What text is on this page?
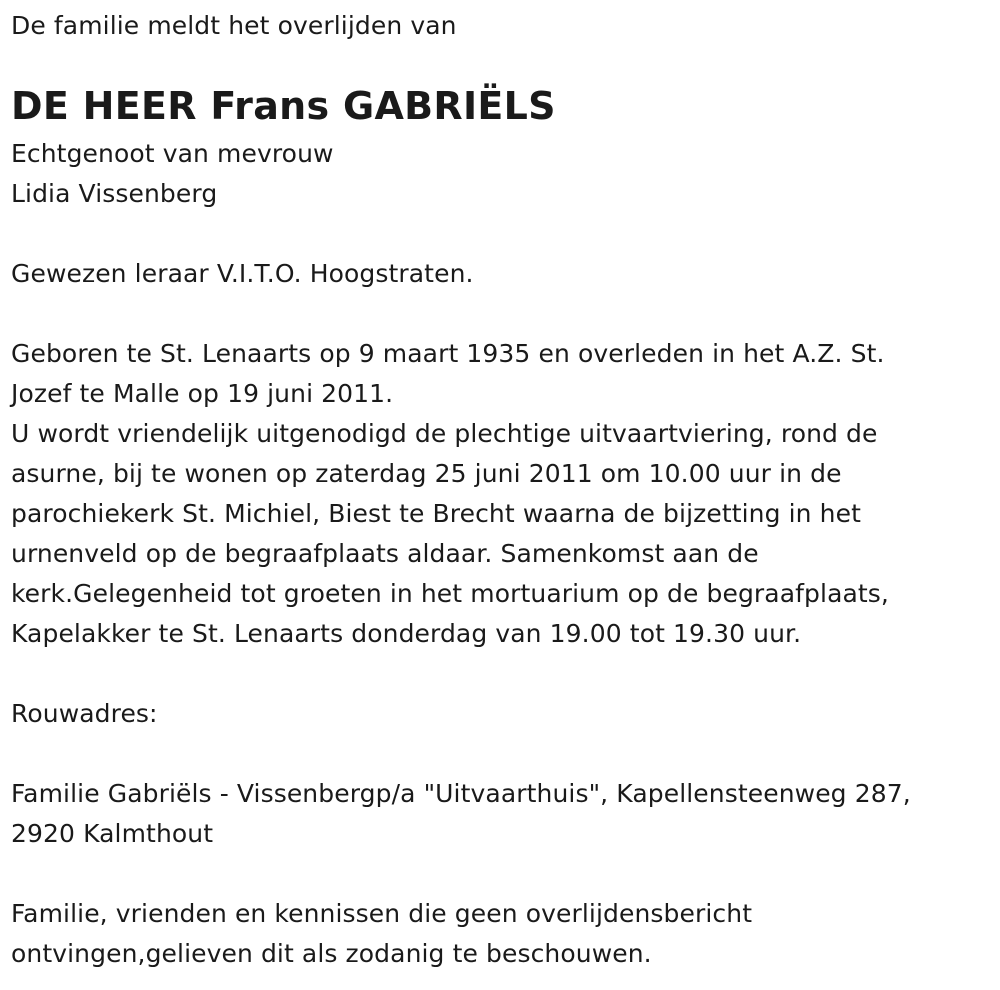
De familie meldt het overlijden van
DE HEER Frans GABRIËLS
Echtgenoot van mevrouw
Lidia Vissenberg
Gewezen leraar V.I.T.O. Hoogstraten.
Geboren te St. Lenaarts op 9 maart 1935 en overleden in het A.Z. St.
Jozef te Malle op 19 juni 2011.
U wordt vriendelijk uitgenodigd de plechtige uitvaartviering, rond de
asurne, bij te wonen op zaterdag 25 juni 2011 om 10.00 uur in de
parochiekerk St. Michiel, Biest te Brecht waarna de bijzetting in het
urnenveld op de begraafplaats aldaar. Samenkomst aan de
kerk.Gelegenheid tot groeten in het mortuarium op de begraafplaats,
Kapelakker te St. Lenaarts donderdag van 19.00 tot 19.30 uur.
Rouwadres:
Familie Gabriëls - Vissenbergp/a "Uitvaarthuis", Kapellensteenweg 287,
2920 Kalmthout
Familie, vrienden en kennissen die geen overlijdensbericht
ontvingen,gelieven dit als zodanig te beschouwen.
